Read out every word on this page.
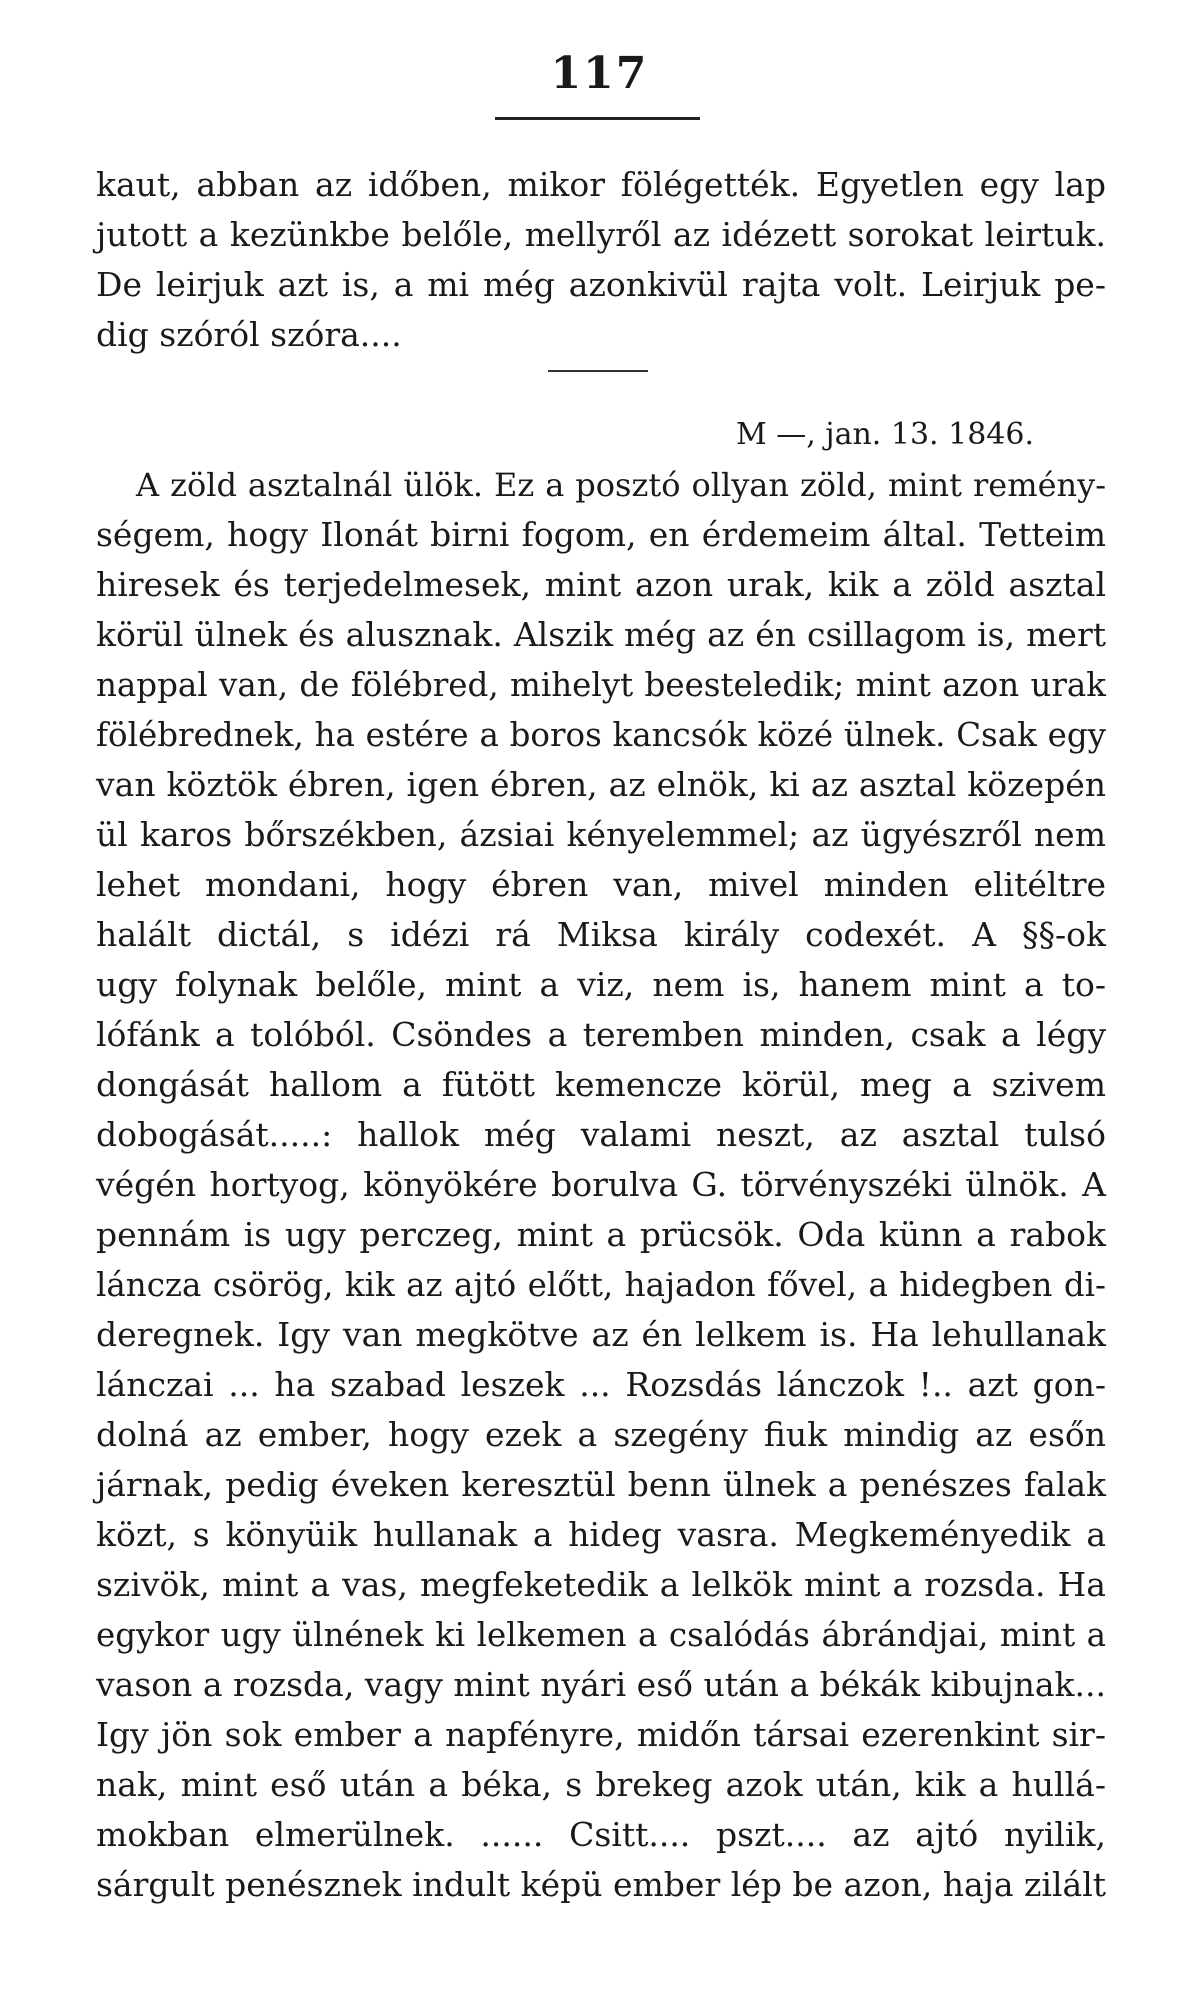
117
kaut, abban az időben, mikor fölégették. Egyetlen egy lap
jutott a kezünkbe belőle, mellyről az idézett sorokat leirtuk.
De leirjuk azt is, a mi még azonkivül rajta volt. Leirjuk pe-
dig szóról szóra....
M —, jan. 13. 1846.
A zöld asztalnál ülök. Ez a posztó ollyan zöld, mint remény-
ségem, hogy Ilonát birni fogom, en érdemeim által. Tetteim
hiresek és terjedelmesek, mint azon urak, kik a zöld asztal
körül ülnek és alusznak. Alszik még az én csillagom is, mert
nappal van, de fölébred, mihelyt beesteledik; mint azon urak
fölébrednek, ha estére a boros kancsók közé ülnek. Csak egy
van köztök ébren, igen ébren, az elnök, ki az asztal közepén
ül karos bőrszékben, ázsiai kényelemmel; az ügyészről nem
lehet mondani, hogy ébren van, mivel minden elitéltre
halált dictál, s idézi rá Miksa király codexét. A §§-ok
ugy folynak belőle, mint a viz, nem is, hanem mint a to-
lófánk a tolóból. Csöndes a teremben minden, csak a légy
dongását hallom a fütött kemencze körül, meg a szivem
dobogását.....: hallok még valami neszt, az asztal tulsó
végén hortyog, könyökére borulva G. törvényszéki ülnök. A
pennám is ugy perczeg, mint a prücsök. Oda künn a rabok
láncza csörög, kik az ajtó előtt, hajadon fővel, a hidegben di-
deregnek. Igy van megkötve az én lelkem is. Ha lehullanak
lánczai ... ha szabad leszek ... Rozsdás lánczok !.. azt gon-
dolná az ember, hogy ezek a szegény fiuk mindig az esőn
járnak, pedig éveken keresztül benn ülnek a penészes falak
közt, s könyüik hullanak a hideg vasra. Megkeményedik a
szivök, mint a vas, megfeketedik a lelkök mint a rozsda. Ha
egykor ugy ülnének ki lelkemen a csalódás ábrándjai, mint a
vason a rozsda, vagy mint nyári eső után a békák kibujnak...
Igy jön sok ember a napfényre, midőn társai ezerenkint sir-
nak, mint eső után a béka, s brekeg azok után, kik a hullá-
mokban elmerülnek. ...... Csitt.... pszt.... az ajtó nyilik,
sárgult penésznek indult képü ember lép be azon, haja zilált
